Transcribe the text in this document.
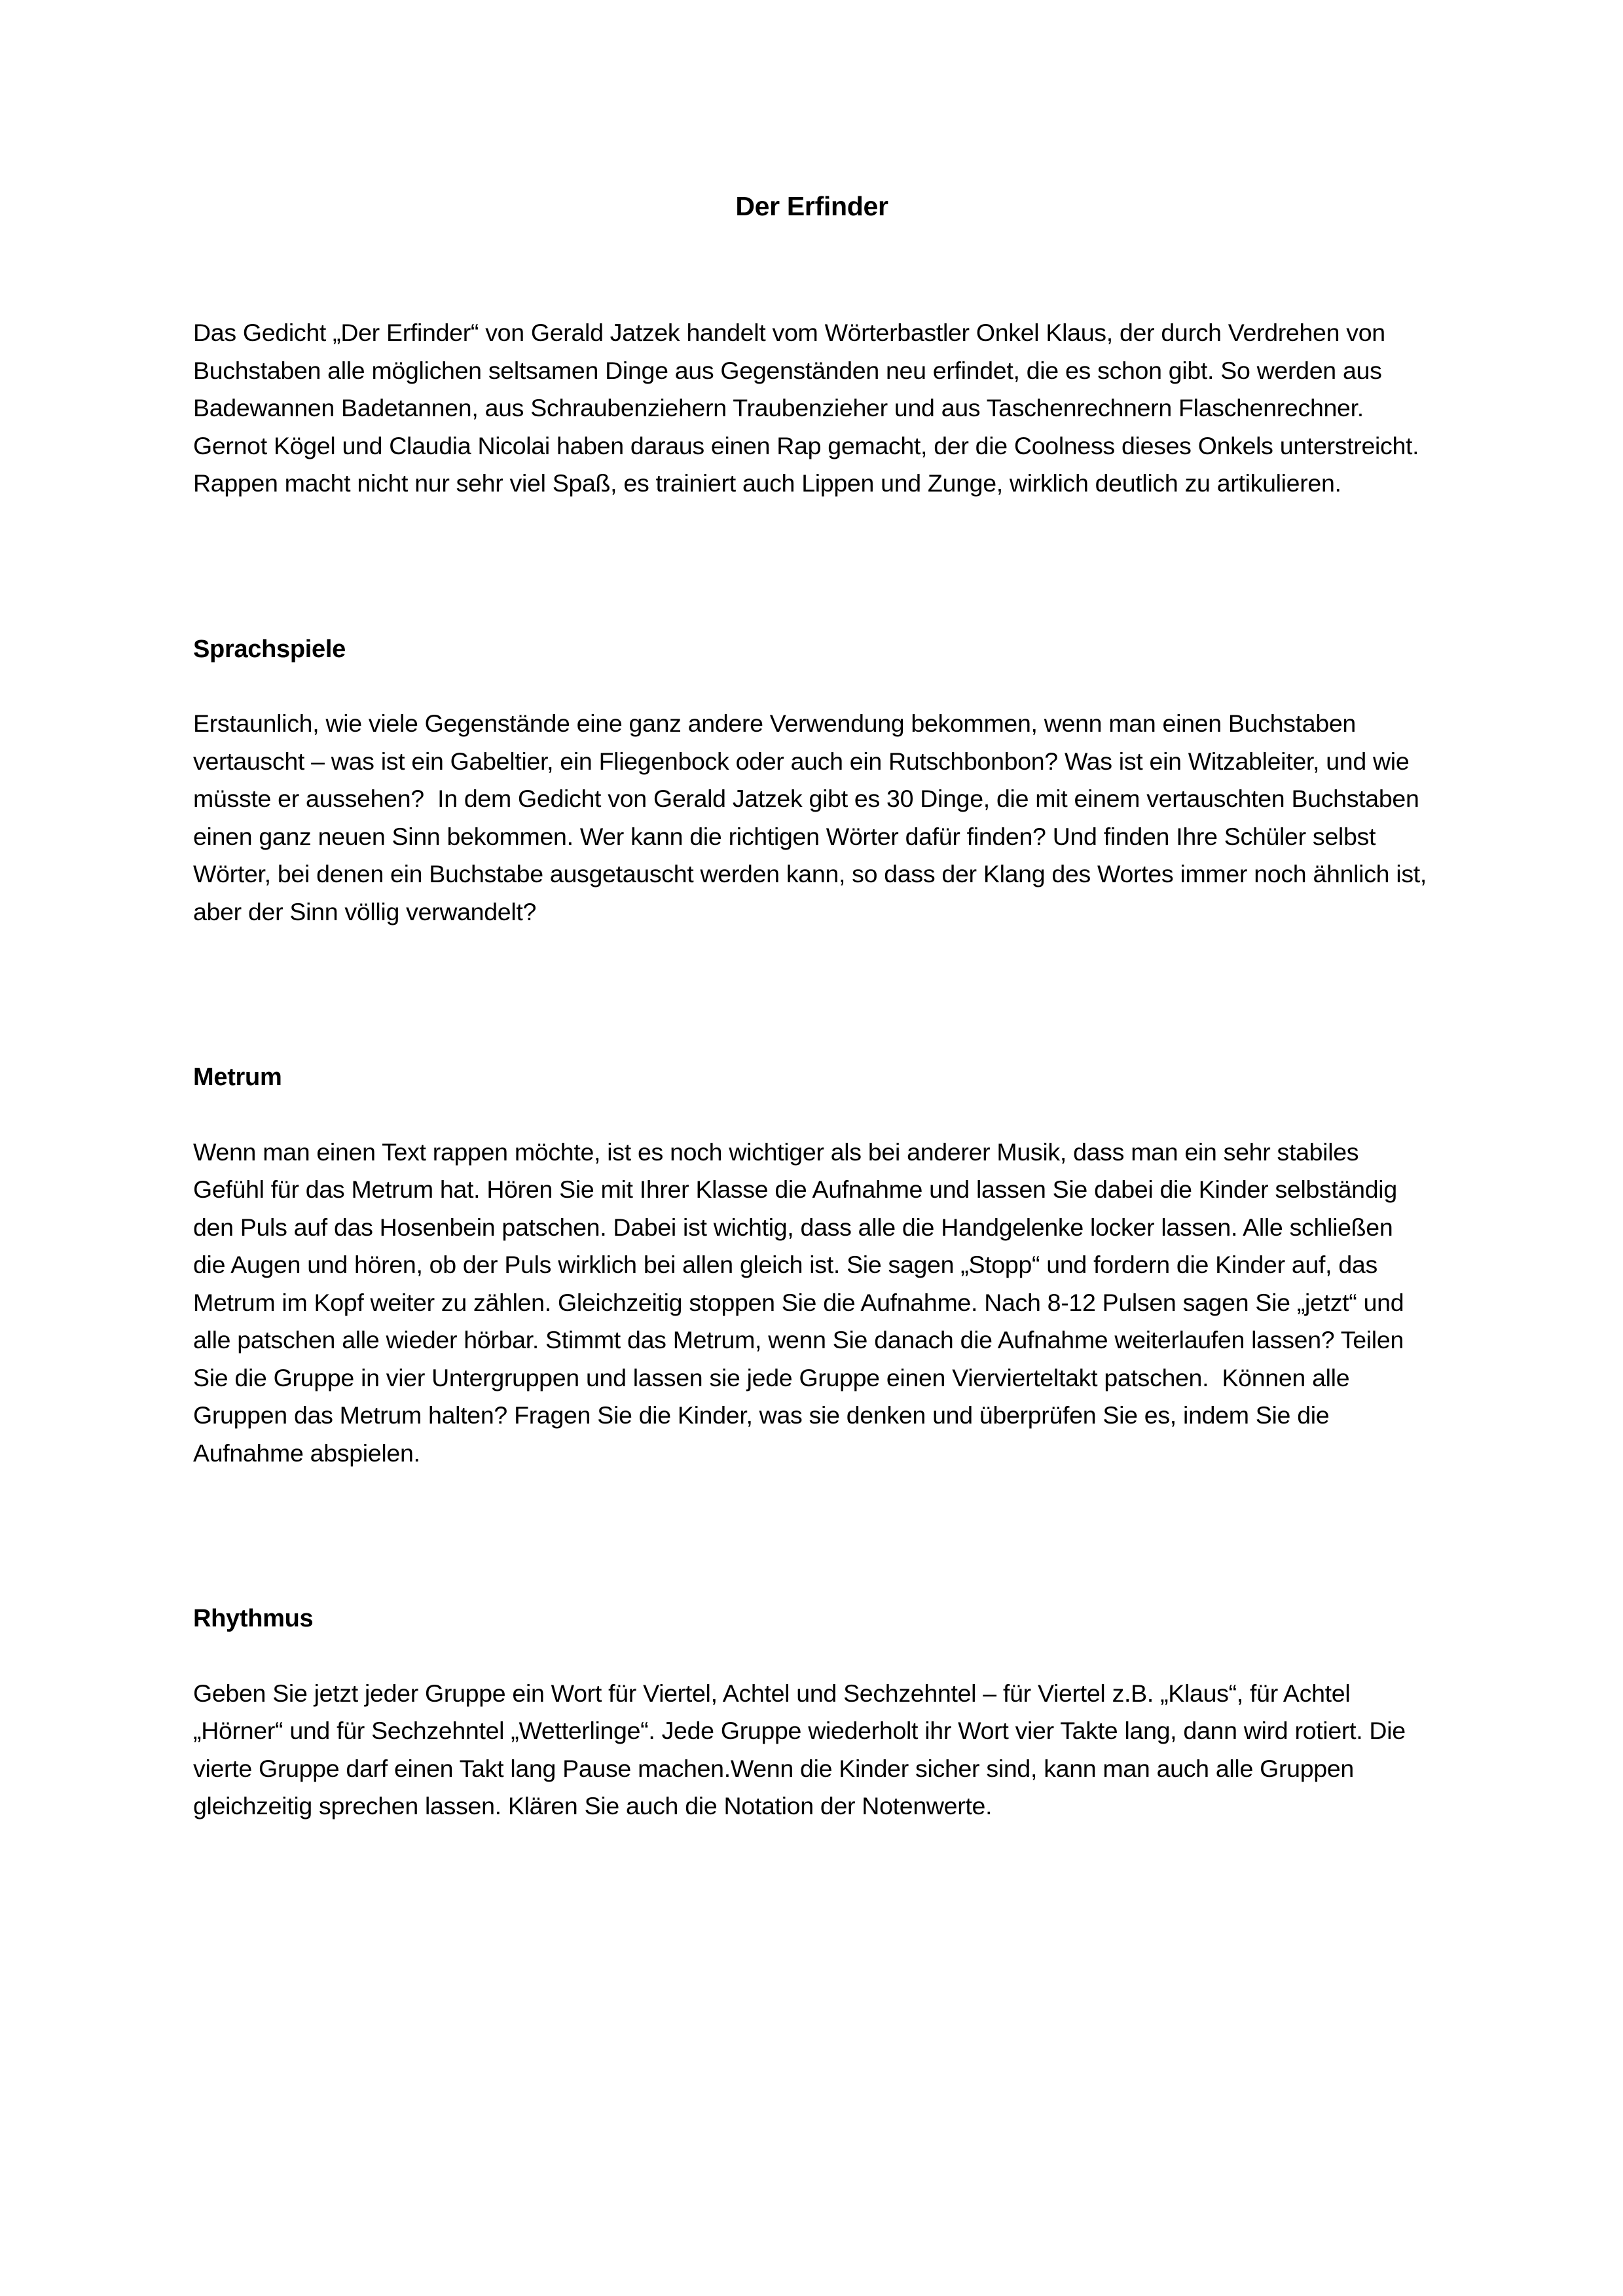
Der Erfinder

Das Gedicht „Der Erfinder“ von Gerald Jatzek handelt vom Wörterbastler Onkel Klaus, der durch Verdrehen von Buchstaben alle möglichen seltsamen Dinge aus Gegenständen neu erfindet, die es schon gibt. So werden aus Badewannen Badetannen, aus Schraubenziehern Traubenzieher und aus Taschenrechnern Flaschenrechner. Gernot Kögel und Claudia Nicolai haben daraus einen Rap gemacht, der die Coolness dieses Onkels unterstreicht. Rappen macht nicht nur sehr viel Spaß, es trainiert auch Lippen und Zunge, wirklich deutlich zu artikulieren.

Sprachspiele

Erstaunlich, wie viele Gegenstände eine ganz andere Verwendung bekommen, wenn man einen Buchstaben vertauscht – was ist ein Gabeltier, ein Fliegenbock oder auch ein Rutschbonbon? Was ist ein Witzableiter, und wie müsste er aussehen?  In dem Gedicht von Gerald Jatzek gibt es 30 Dinge, die mit einem vertauschten Buchstaben einen ganz neuen Sinn bekommen. Wer kann die richtigen Wörter dafür finden? Und finden Ihre Schüler selbst Wörter, bei denen ein Buchstabe ausgetauscht werden kann, so dass der Klang des Wortes immer noch ähnlich ist, aber der Sinn völlig verwandelt?

Metrum

Wenn man einen Text rappen möchte, ist es noch wichtiger als bei anderer Musik, dass man ein sehr stabiles Gefühl für das Metrum hat. Hören Sie mit Ihrer Klasse die Aufnahme und lassen Sie dabei die Kinder selbständig den Puls auf das Hosenbein patschen. Dabei ist wichtig, dass alle die Handgelenke locker lassen. Alle schließen die Augen und hören, ob der Puls wirklich bei allen gleich ist. Sie sagen „Stopp“ und fordern die Kinder auf, das Metrum im Kopf weiter zu zählen. Gleichzeitig stoppen Sie die Aufnahme. Nach 8-12 Pulsen sagen Sie „jetzt“ und alle patschen alle wieder hörbar. Stimmt das Metrum, wenn Sie danach die Aufnahme weiterlaufen lassen? Teilen Sie die Gruppe in vier Untergruppen und lassen sie jede Gruppe einen Viervierteltakt patschen.  Können alle Gruppen das Metrum halten? Fragen Sie die Kinder, was sie denken und überprüfen Sie es, indem Sie die Aufnahme abspielen.

Rhythmus

Geben Sie jetzt jeder Gruppe ein Wort für Viertel, Achtel und Sechzehntel – für Viertel z.B. „Klaus“, für Achtel „Hörner“ und für Sechzehntel „Wetterlinge“. Jede Gruppe wiederholt ihr Wort vier Takte lang, dann wird rotiert. Die vierte Gruppe darf einen Takt lang Pause machen.Wenn die Kinder sicher sind, kann man auch alle Gruppen gleichzeitig sprechen lassen. Klären Sie auch die Notation der Notenwerte.
